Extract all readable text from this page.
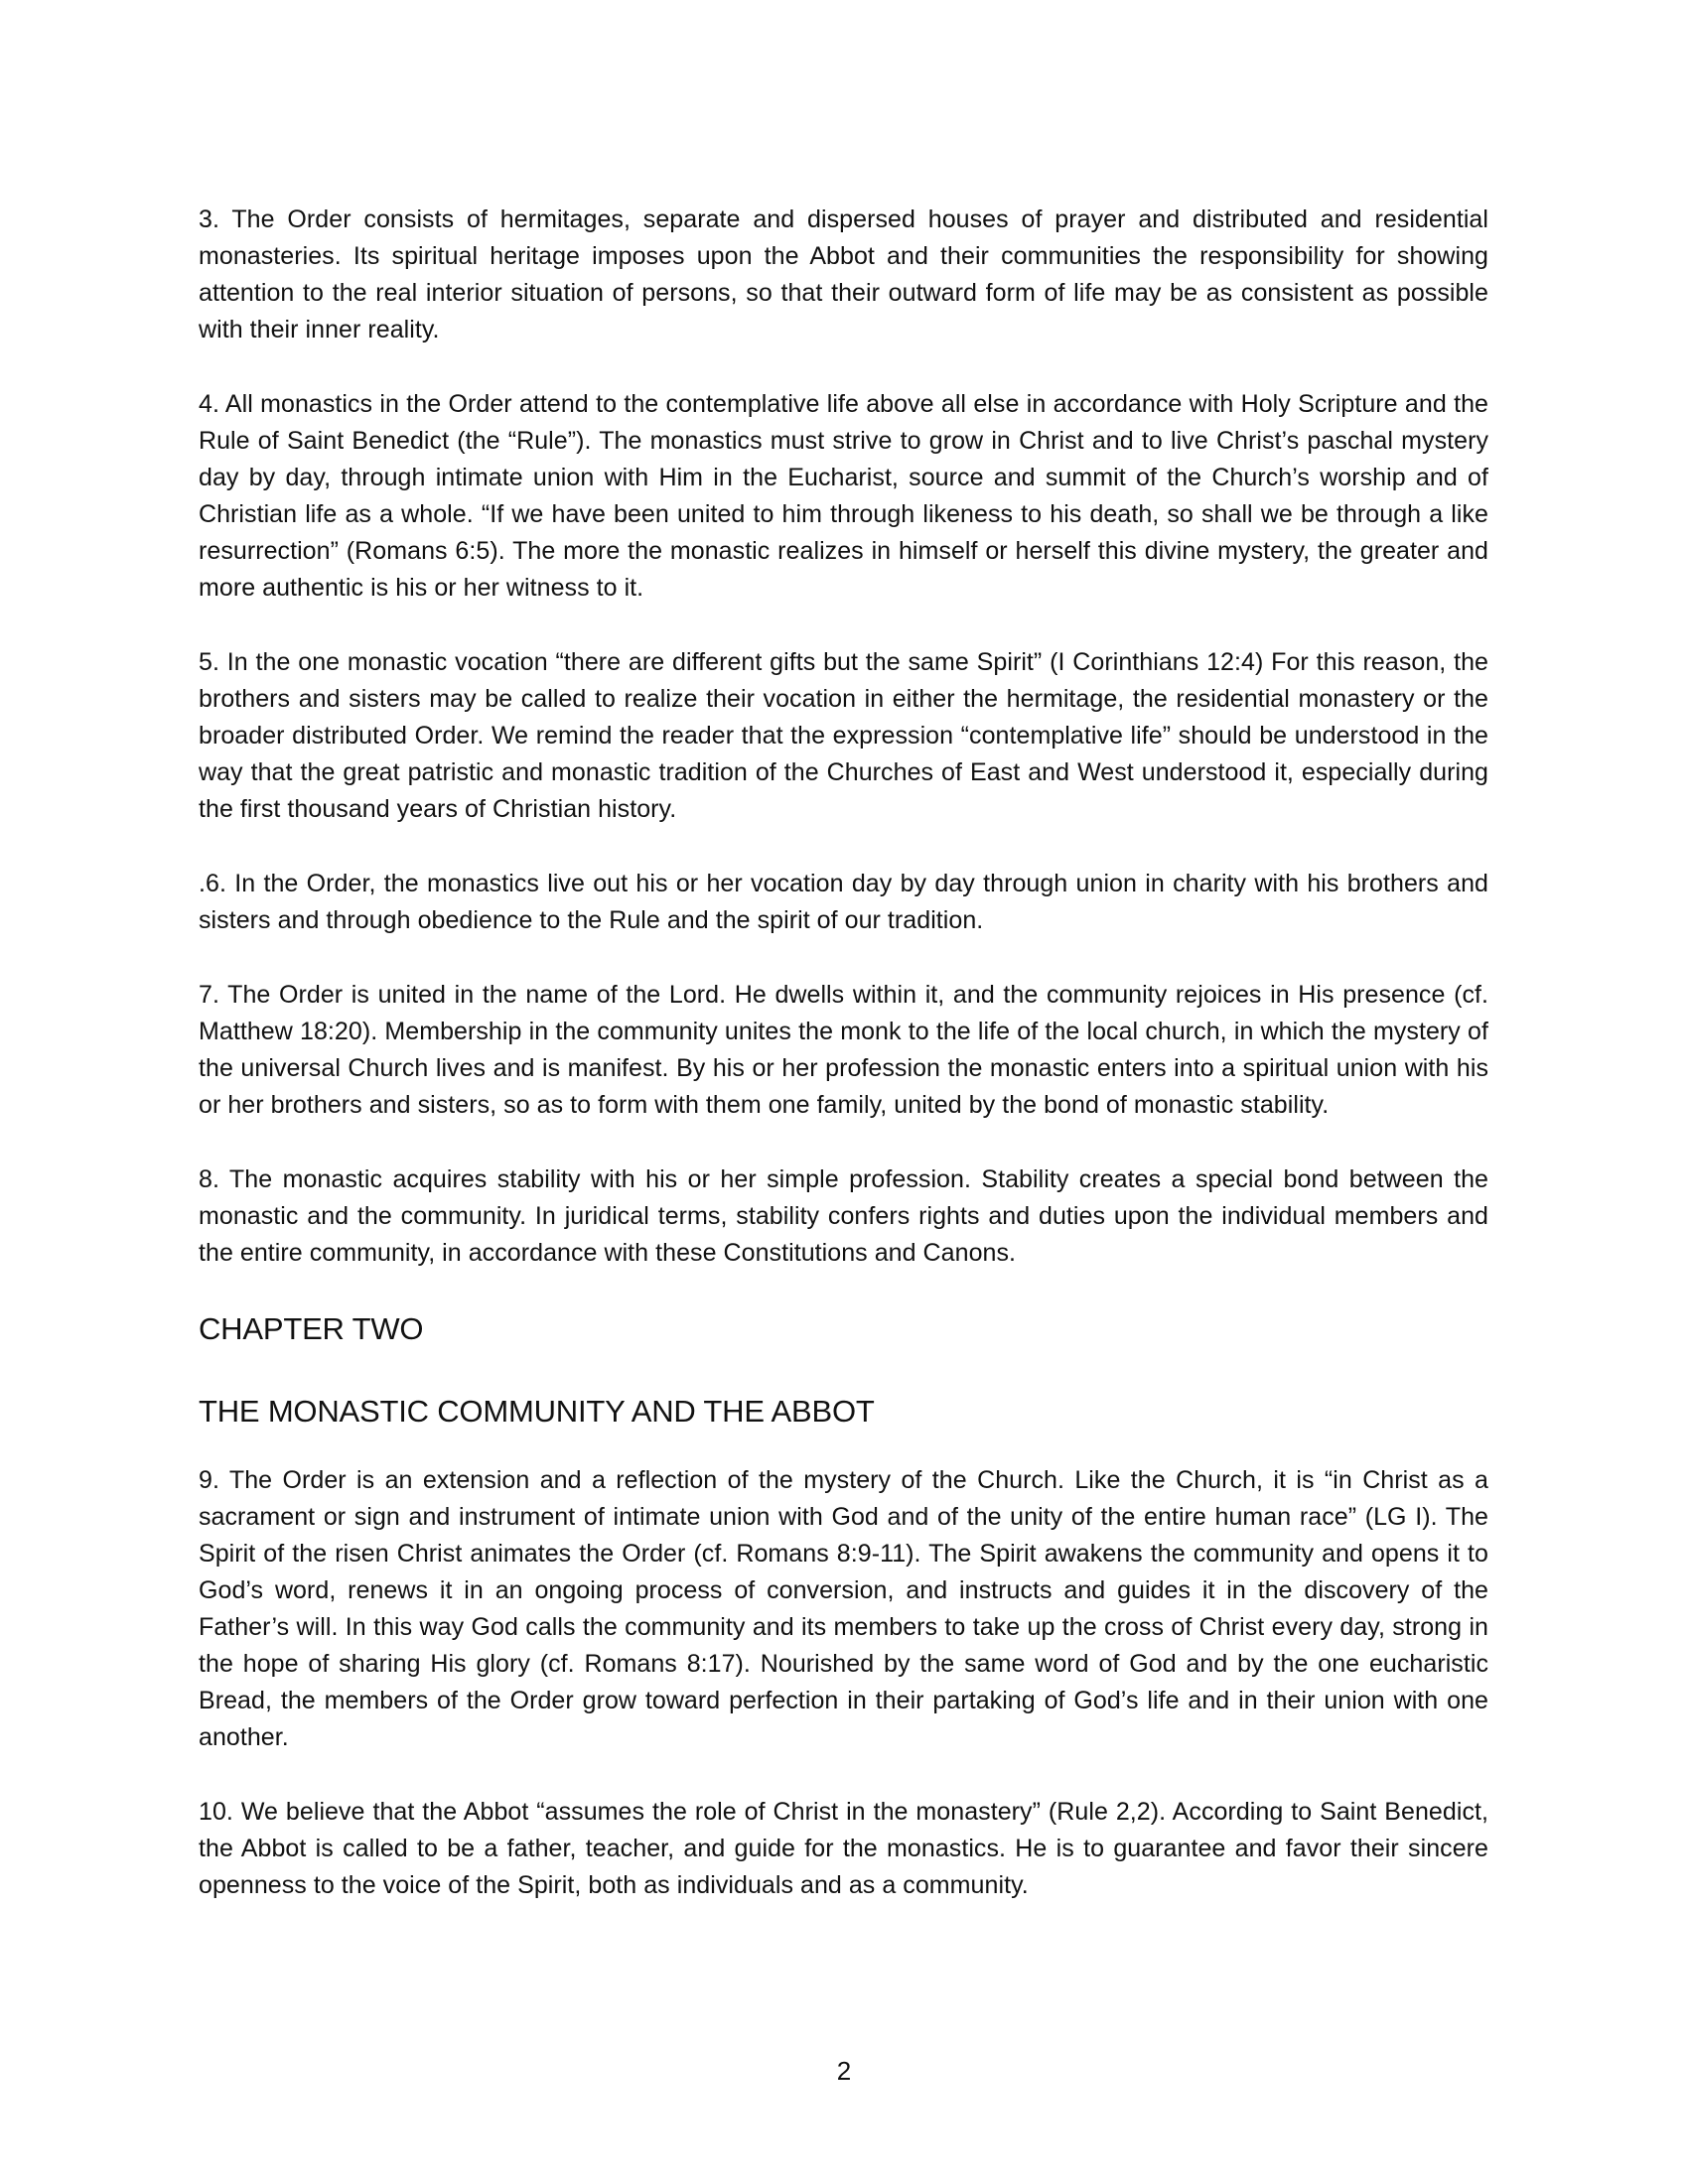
3. The Order consists of hermitages, separate and dispersed houses of prayer and distributed and residential monasteries. Its spiritual heritage imposes upon the Abbot and their communities the responsibility for showing attention to the real interior situation of persons, so that their outward form of life may be as consistent as possible with their inner reality.

4. All monastics in the Order attend to the contemplative life above all else in accordance with Holy Scripture and the Rule of Saint Benedict (the “Rule”). The monastics must strive to grow in Christ and to live Christ’s paschal mystery day by day, through intimate union with Him in the Eucharist, source and summit of the Church’s worship and of Christian life as a whole. “If we have been united to him through likeness to his death, so shall we be through a like resurrection” (Romans 6:5). The more the monastic realizes in himself or herself this divine mystery, the greater and more authentic is his or her witness to it.

5. In the one monastic vocation “there are different gifts but the same Spirit” (I Corinthians 12:4) For this reason, the brothers and sisters may be called to realize their vocation in either the hermitage, the residential monastery or the broader distributed Order. We remind the reader that the expression “contemplative life” should be understood in the way that the great patristic and monastic tradition of the Churches of East and West understood it, especially during the first thousand years of Christian history.

.6. In the Order, the monastics live out his or her vocation day by day through union in charity with his brothers and sisters and through obedience to the Rule and the spirit of our tradition.

7. The Order is united in the name of the Lord. He dwells within it, and the community rejoices in His presence (cf. Matthew 18:20). Membership in the community unites the monk to the life of the local church, in which the mystery of the universal Church lives and is manifest. By his or her profession the monastic enters into a spiritual union with his or her brothers and sisters, so as to form with them one family, united by the bond of monastic stability.

8. The monastic acquires stability with his or her simple profession. Stability creates a special bond between the monastic and the community. In juridical terms, stability confers rights and duties upon the individual members and the entire community, in accordance with these Constitutions and Canons.

CHAPTER TWO
THE MONASTIC COMMUNITY AND THE ABBOT

9. The Order is an extension and a reflection of the mystery of the Church. Like the Church, it is “in Christ as a sacrament or sign and instrument of intimate union with God and of the unity of the entire human race” (LG I). The Spirit of the risen Christ animates the Order (cf. Romans 8:9-11). The Spirit awakens the community and opens it to God’s word, renews it in an ongoing process of conversion, and instructs and guides it in the discovery of the Father’s will. In this way God calls the community and its members to take up the cross of Christ every day, strong in the hope of sharing His glory (cf. Romans 8:17). Nourished by the same word of God and by the one eucharistic Bread, the members of the Order grow toward perfection in their partaking of God’s life and in their union with one another.

10. We believe that the Abbot “assumes the role of Christ in the monastery” (Rule 2,2). According to Saint Benedict, the Abbot is called to be a father, teacher, and guide for the monastics. He is to guarantee and favor their sincere openness to the voice of the Spirit, both as individuals and as a community.

2
